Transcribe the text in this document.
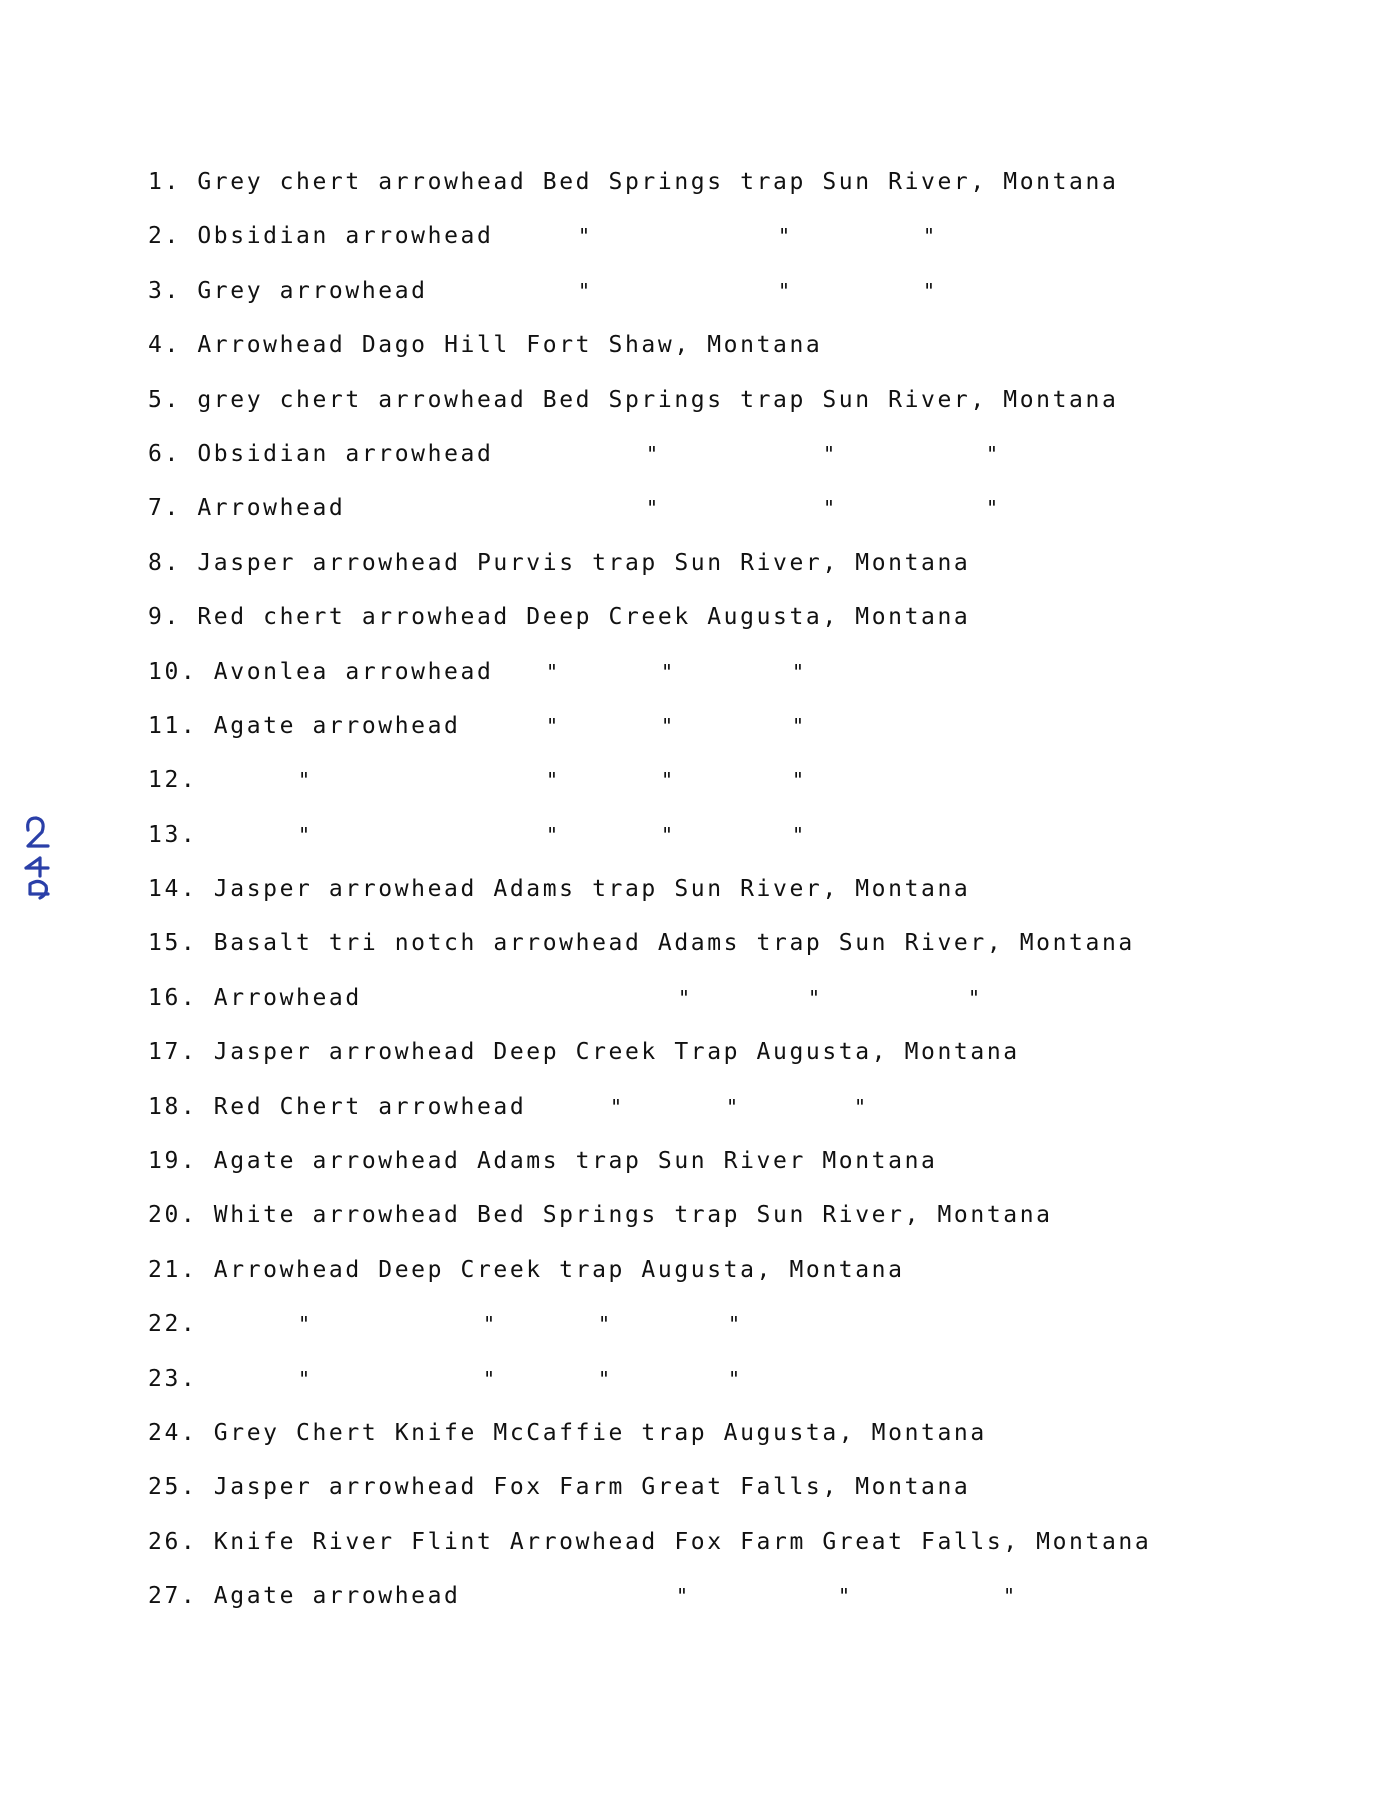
1. Grey chert arrowhead Bed Springs trap Sun River, Montana
2. Obsidian arrowhead	"	"	"
3. Grey arrowhead	"	"	"
4. Arrowhead Dago Hill Fort Shaw, Montana
5. grey chert arrowhead Bed Springs trap Sun River, Montana
6. Obsidian arrowhead	"	"	"
7. Arrowhead	"	"	"
8. Jasper arrowhead Purvis trap Sun River, Montana
9. Red chert arrowhead Deep Creek Augusta, Montana
10. Avonlea arrowhead	"	"	"
11. Agate arrowhead	"	"	"
12.	"	"	"	"
13.	"	"	"	"
14. Jasper arrowhead Adams trap Sun River, Montana
15. Basalt tri notch arrowhead Adams trap Sun River, Montana
16. Arrowhead	"	"	"
17. Jasper arrowhead Deep Creek Trap Augusta, Montana
18. Red Chert arrowhead	"	"	"
19. Agate arrowhead Adams trap Sun River Montana
20. White arrowhead Bed Springs trap Sun River, Montana
21. Arrowhead Deep Creek trap Augusta, Montana
22.	"	"	"	"
23.	"	"	"	"
24. Grey Chert Knife McCaffie trap Augusta, Montana
25. Jasper arrowhead Fox Farm Great Falls, Montana
26. Knife River Flint Arrowhead Fox Farm Great Falls, Montana
27. Agate arrowhead	"	"	"
